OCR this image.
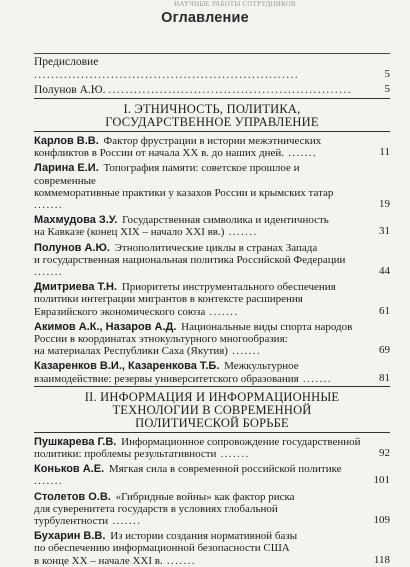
НАУЧНЫЕ РАБОТЫ СОТРУДНИКОВ
Оглавление
Предисловие ..............................................................	5
Полунов А.Ю. .........................................................	5
I. ЭТНИЧНОСТЬ, ПОЛИТИКА,
ГОСУДАРСТВЕННОЕ УПРАВЛЕНИЕ
Карлов В.В. Фактор фрустрации в истории межэтнических
конфликтов в России от начала XX в. до наших дней. .......	11
Ларина Е.И. Топография памяти: советское прошлое и современные
коммеморативные практики у казахов России и крымских татар .......	19
Махмудова З.У. Государственная символика и идентичность
на Кавказе (конец XIX – начало XXI вв.) .......	31
Полунов А.Ю. Этнополитические циклы в странах Запада
и государственная национальная политика Российской Федерации .......	44
Дмитриева Т.Н. Приоритеты инструментального обеспечения
политики интеграции мигрантов в контексте расширения
Евразийского экономического союза .......	61
Акимов А.К., Назаров А.Д. Национальные виды спорта народов
России в координатах этнокультурного многообразия:
на материалах Республики Саха (Якутия) .......	69
Казаренков В.И., Казаренкова Т.Б. Межкультурное
взаимодействие: резервы университетского образования .......	81
II. ИНФОРМАЦИЯ И ИНФОРМАЦИОННЫЕ
ТЕХНОЛОГИИ В СОВРЕМЕННОЙ
ПОЛИТИЧЕСКОЙ БОРЬБЕ
Пушкарева Г.В. Информационное сопровождение государственной
политики: проблемы результативности .......	92
Коньков А.Е. Мягкая сила в современной российской политике .......	101
Столетов О.В. «Гибридные войны» как фактор риска
для суверенитета государств в условиях глобальной
турбулентности .......	109
Бухарин В.В. Из истории создания нормативной базы
по обеспечению информационной безопасности США
в конце XX – начале XXI в. .......	118
